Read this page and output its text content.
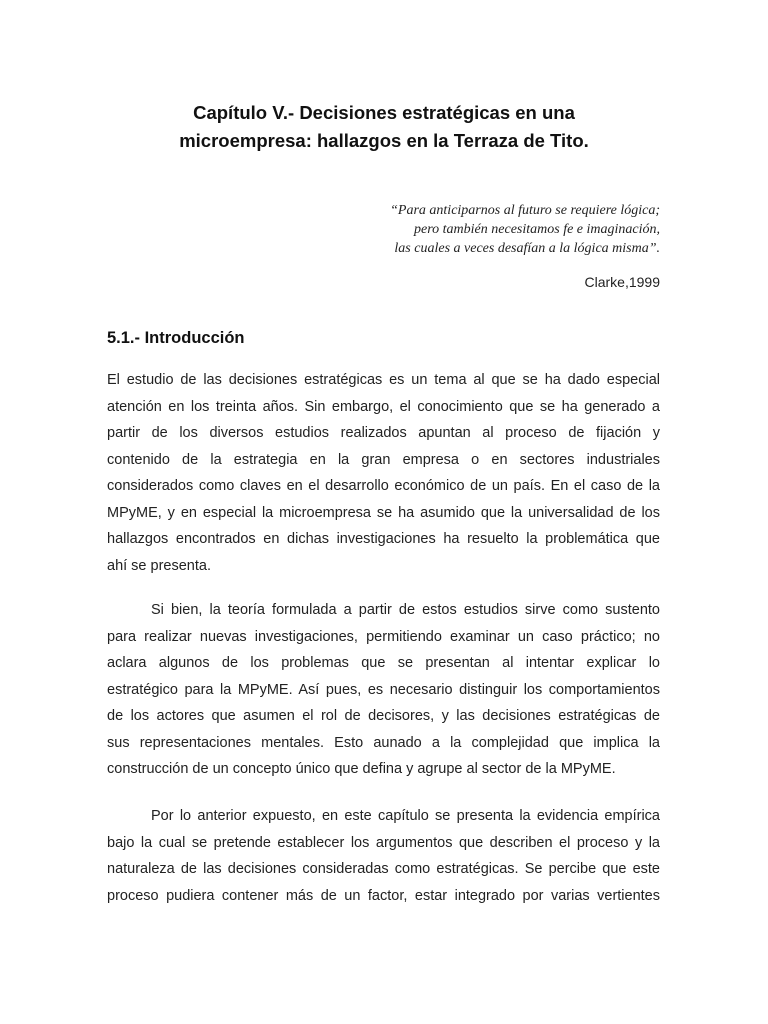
Capítulo V.- Decisiones estratégicas en una
microempresa: hallazgos en la Terraza de Tito.
“Para anticiparnos al futuro se requiere lógica;
pero también necesitamos fe e imaginación,
las cuales a veces desafían a la lógica misma”.
Clarke,1999
5.1.- Introducción
El estudio de las decisiones estratégicas es un tema al que se ha dado especial
atención en los treinta años. Sin embargo, el conocimiento que se ha generado a
partir de los diversos estudios realizados apuntan al proceso de fijación y
contenido de la estrategia en la gran empresa o en sectores industriales
considerados como claves en el desarrollo económico de un país. En el caso de la
MPyME, y en especial la microempresa se ha asumido que la universalidad de los
hallazgos encontrados en dichas investigaciones ha resuelto la problemática que
ahí se presenta.
Si bien, la teoría formulada a partir de estos estudios sirve como sustento
para realizar nuevas investigaciones, permitiendo examinar un caso práctico; no
aclara algunos de los problemas que se presentan al intentar explicar lo
estratégico para la MPyME. Así pues, es necesario distinguir los comportamientos
de los actores que asumen el rol de decisores, y las decisiones estratégicas de
sus representaciones mentales. Esto aunado a la complejidad que implica la
construcción de un concepto único que defina y agrupe al sector de la MPyME.
Por lo anterior expuesto, en este capítulo se presenta la evidencia empírica
bajo la cual se pretende establecer los argumentos que describen el proceso y la
naturaleza de las decisiones consideradas como estratégicas. Se percibe que este
proceso pudiera contener más de un factor, estar integrado por varias vertientes
